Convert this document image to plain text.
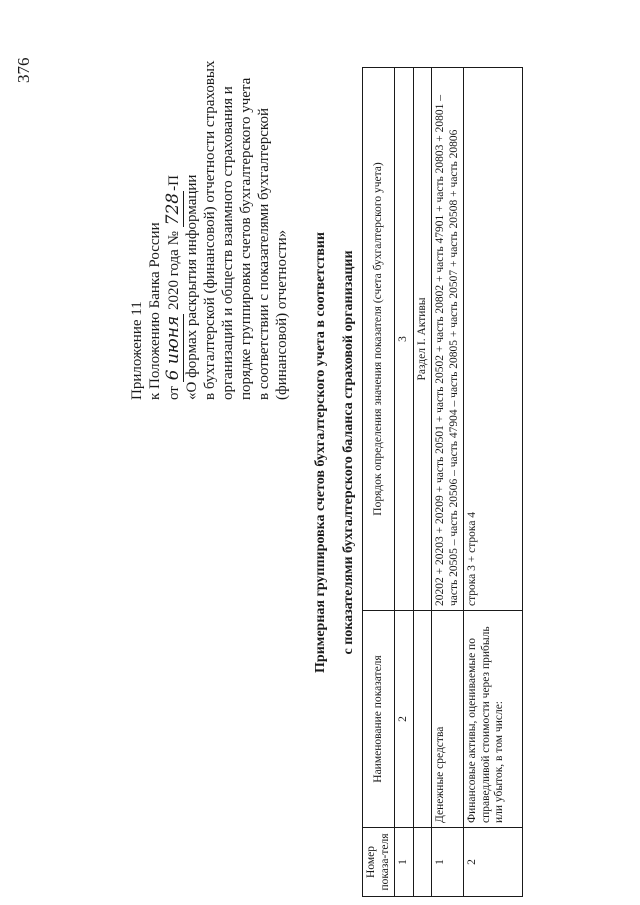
376
Приложение 11 к Положению Банка России от 6 июня 2020 года № 728-П «О формах раскрытия информации в бухгалтерской (финансовой) отчетности страховых организаций и обществ взаимного страхования и порядке группировки счетов бухгалтерского учета в соответствии с показателями бухгалтерской (финансовой) отчетности» Примерная группировка счетов бухгалтерского учета в соответствии с показателями бухгалтерского баланса страховой организации
Номер показа-теля	Наименование показателя	Порядок определения значения показателя (счета бухгалтерского учета)
1	2	3
		Раздел I. Активы
1	Денежные средства	20202 + 20203 + 20209 + часть 20501 + часть 20502 + часть 20802 + часть 47901 + часть 20803 + 20801 – часть 20505 – часть 20506 – часть 47904 – часть 20805 + часть 20507 + часть 20508 + часть 20806
2	Финансовые активы, оцениваемые по справедливой стоимости через прибыль или убыток, в том числе:	строка 3 + строка 4
